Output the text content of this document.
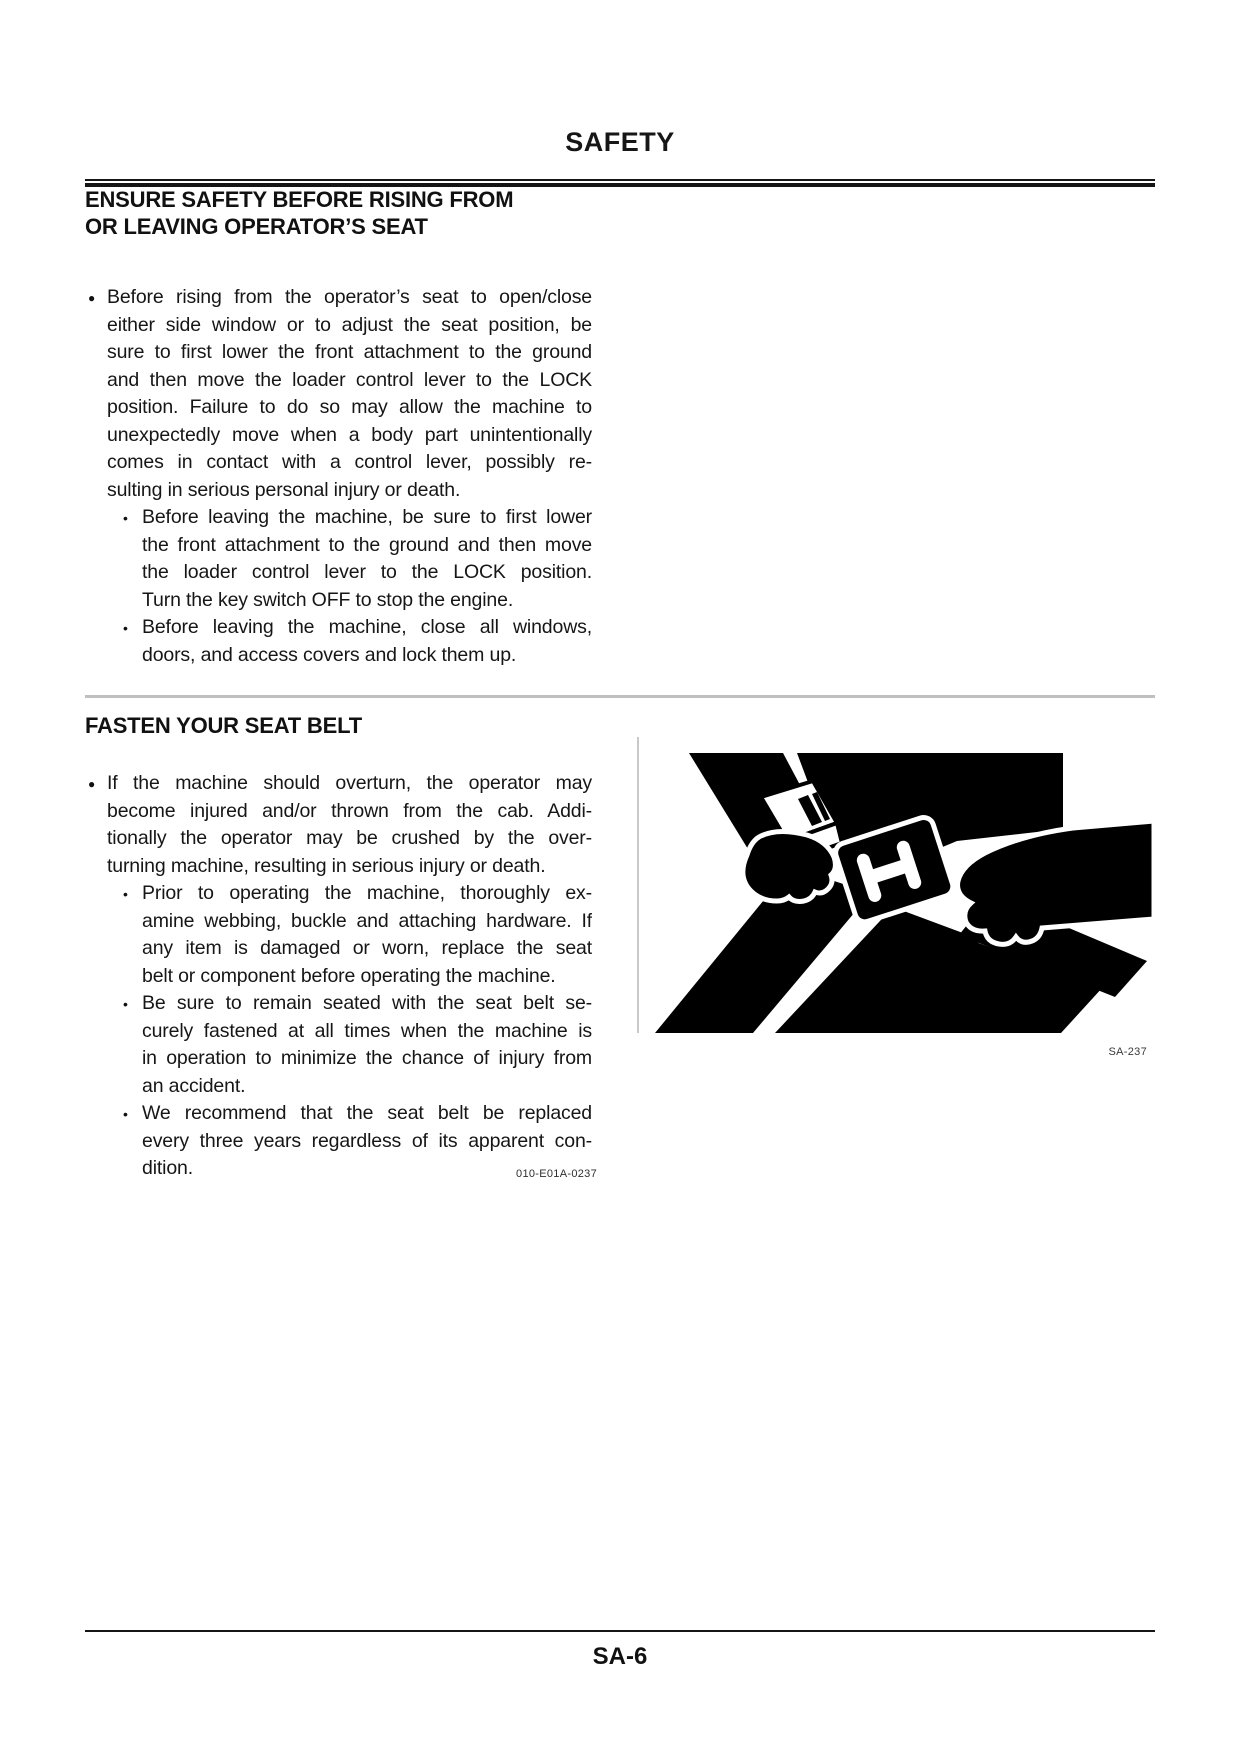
SAFETY
ENSURE SAFETY BEFORE RISING FROM
OR LEAVING OPERATOR’S SEAT
● Before rising from the operator’s seat to open/close
either side window or to adjust the seat position, be
sure to first lower the front attachment to the ground
and then move the loader control lever to the LOCK
position. Failure to do so may allow the machine to
unexpectedly move when a body part unintentionally
comes in contact with a control lever, possibly re-
sulting in serious personal injury or death.
• Before leaving the machine, be sure to first lower
the front attachment to the ground and then move
the loader control lever to the LOCK position.
Turn the key switch OFF to stop the engine.
• Before leaving the machine, close all windows,
doors, and access covers and lock them up.
FASTEN YOUR SEAT BELT
● If the machine should overturn, the operator may
become injured and/or thrown from the cab. Addi-
tionally the operator may be crushed by the over-
turning machine, resulting in serious injury or death.
• Prior to operating the machine, thoroughly ex-
amine webbing, buckle and attaching hardware. If
any item is damaged or worn, replace the seat
belt or component before operating the machine.
• Be sure to remain seated with the seat belt se-
curely fastened at all times when the machine is
in operation to minimize the chance of injury from
an accident.
• We recommend that the seat belt be replaced
every three years regardless of its apparent con-
dition.
SA-237
010-E01A-0237
SA-6
